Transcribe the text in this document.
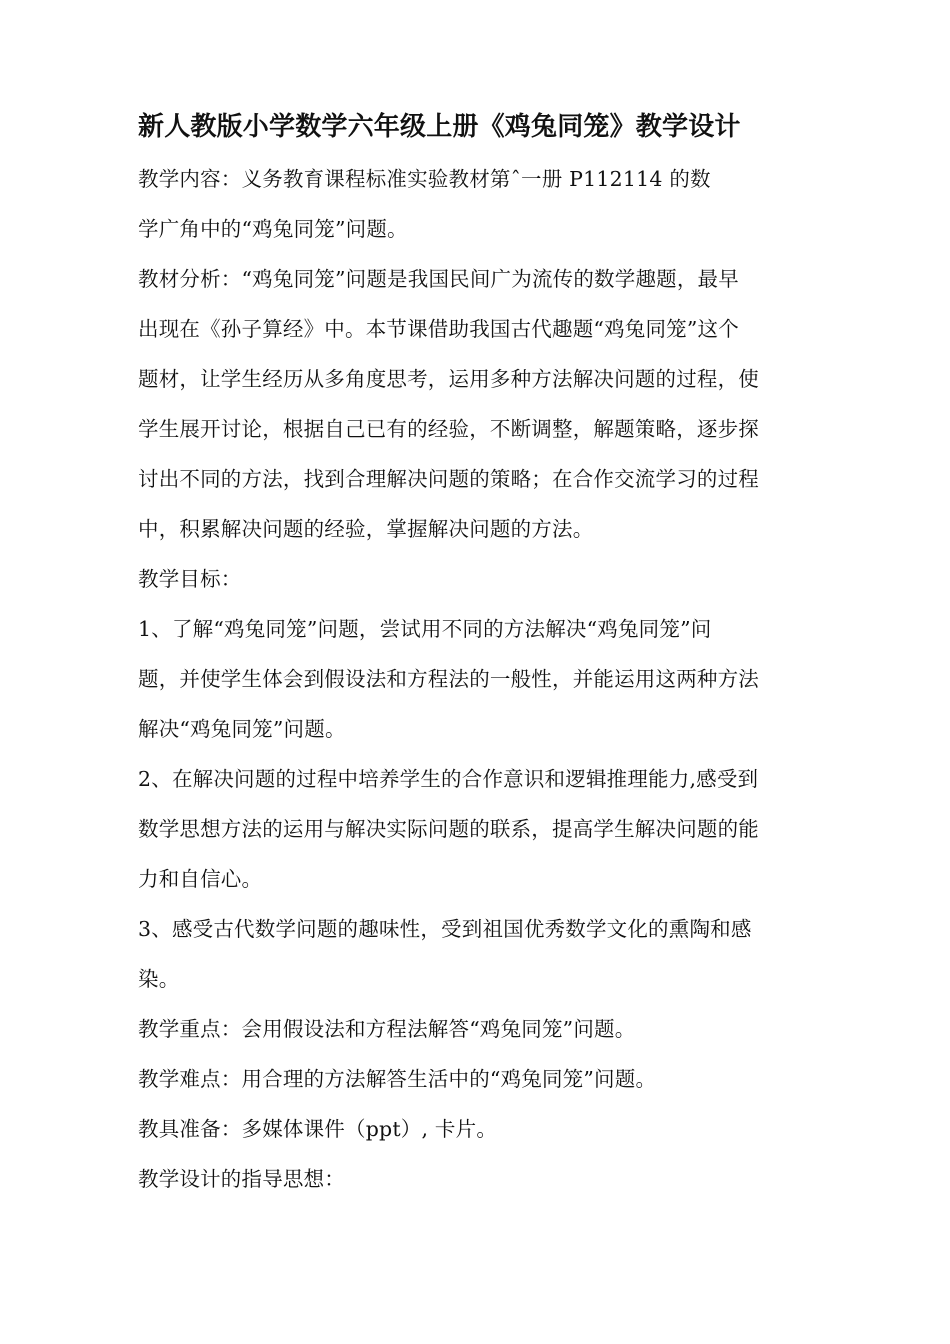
新人教版小学数学六年级上册《鸡兔同笼》教学设计

教学内容：义务教育课程标准实验教材第ˆ一册 P112114 的数

学广角中的“鸡兔同笼”问题。

教材分析：“鸡兔同笼”问题是我国民间广为流传的数学趣题，最早

出现在《孙子算经》中。本节课借助我国古代趣题“鸡兔同笼”这个

题材，让学生经历从多角度思考，运用多种方法解决问题的过程，使

学生展开讨论，根据自己已有的经验，不断调整，解题策略，逐步探

讨出不同的方法，找到合理解决问题的策略；在合作交流学习的过程

中，积累解决问题的经验，掌握解决问题的方法。

教学目标：

1、了解“鸡兔同笼”问题，尝试用不同的方法解决“鸡兔同笼”问

题，并使学生体会到假设法和方程法的一般性，并能运用这两种方法

解决“鸡兔同笼”问题。

2、在解决问题的过程中培养学生的合作意识和逻辑推理能力,感受到

数学思想方法的运用与解决实际问题的联系，提高学生解决问题的能

力和自信心。

3、感受古代数学问题的趣味性，受到祖国优秀数学文化的熏陶和感

染。

教学重点：会用假设法和方程法解答“鸡兔同笼”问题。

教学难点：用合理的方法解答生活中的“鸡兔同笼”问题。

教具准备：多媒体课件（ppt）, 卡片。

教学设计的指导思想：
